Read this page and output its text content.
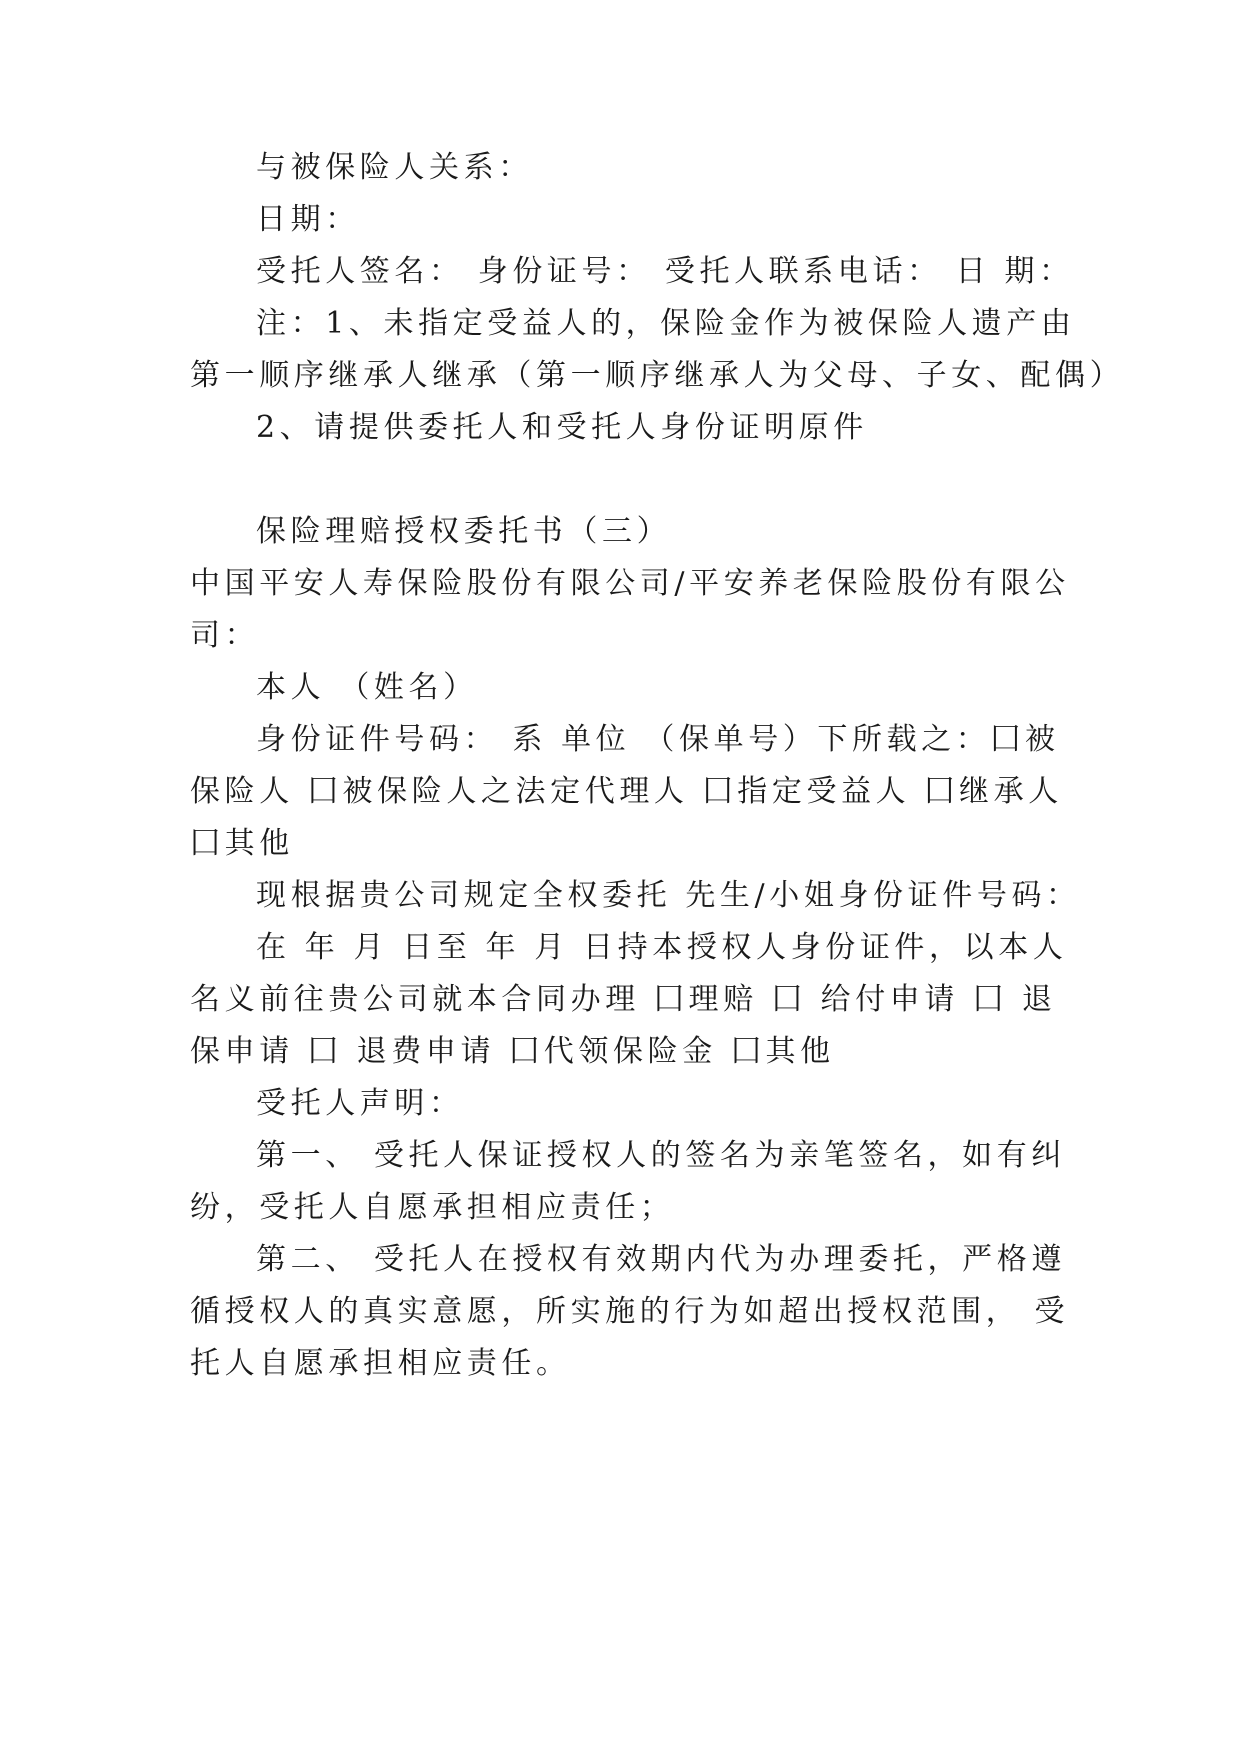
与被保险人关系：

日期：

受托人签名： 身份证号： 受托人联系电话： 日 期：

注：1、未指定受益人的，保险金作为被保险人遗产由

第一顺序继承人继承（第一顺序继承人为父母、子女、配偶）

2、请提供委托人和受托人身份证明原件

保险理赔授权委托书（三）

中国平安人寿保险股份有限公司/平安养老保险股份有限公

司：

本人 （姓名）

身份证件号码： 系 单位 （保单号）下所载之：囗被

保险人 囗被保险人之法定代理人 囗指定受益人 囗继承人

囗其他

现根据贵公司规定全权委托 先生/小姐身份证件号码：

在 年 月 日至 年 月 日持本授权人身份证件，以本人

名义前往贵公司就本合同办理 囗理赔 囗 给付申请 囗 退

保申请 囗 退费申请 囗代领保险金 囗其他

受托人声明：

第一、 受托人保证授权人的签名为亲笔签名，如有纠

纷，受托人自愿承担相应责任；

第二、 受托人在授权有效期内代为办理委托，严格遵

循授权人的真实意愿，所实施的行为如超出授权范围， 受

托人自愿承担相应责任。
